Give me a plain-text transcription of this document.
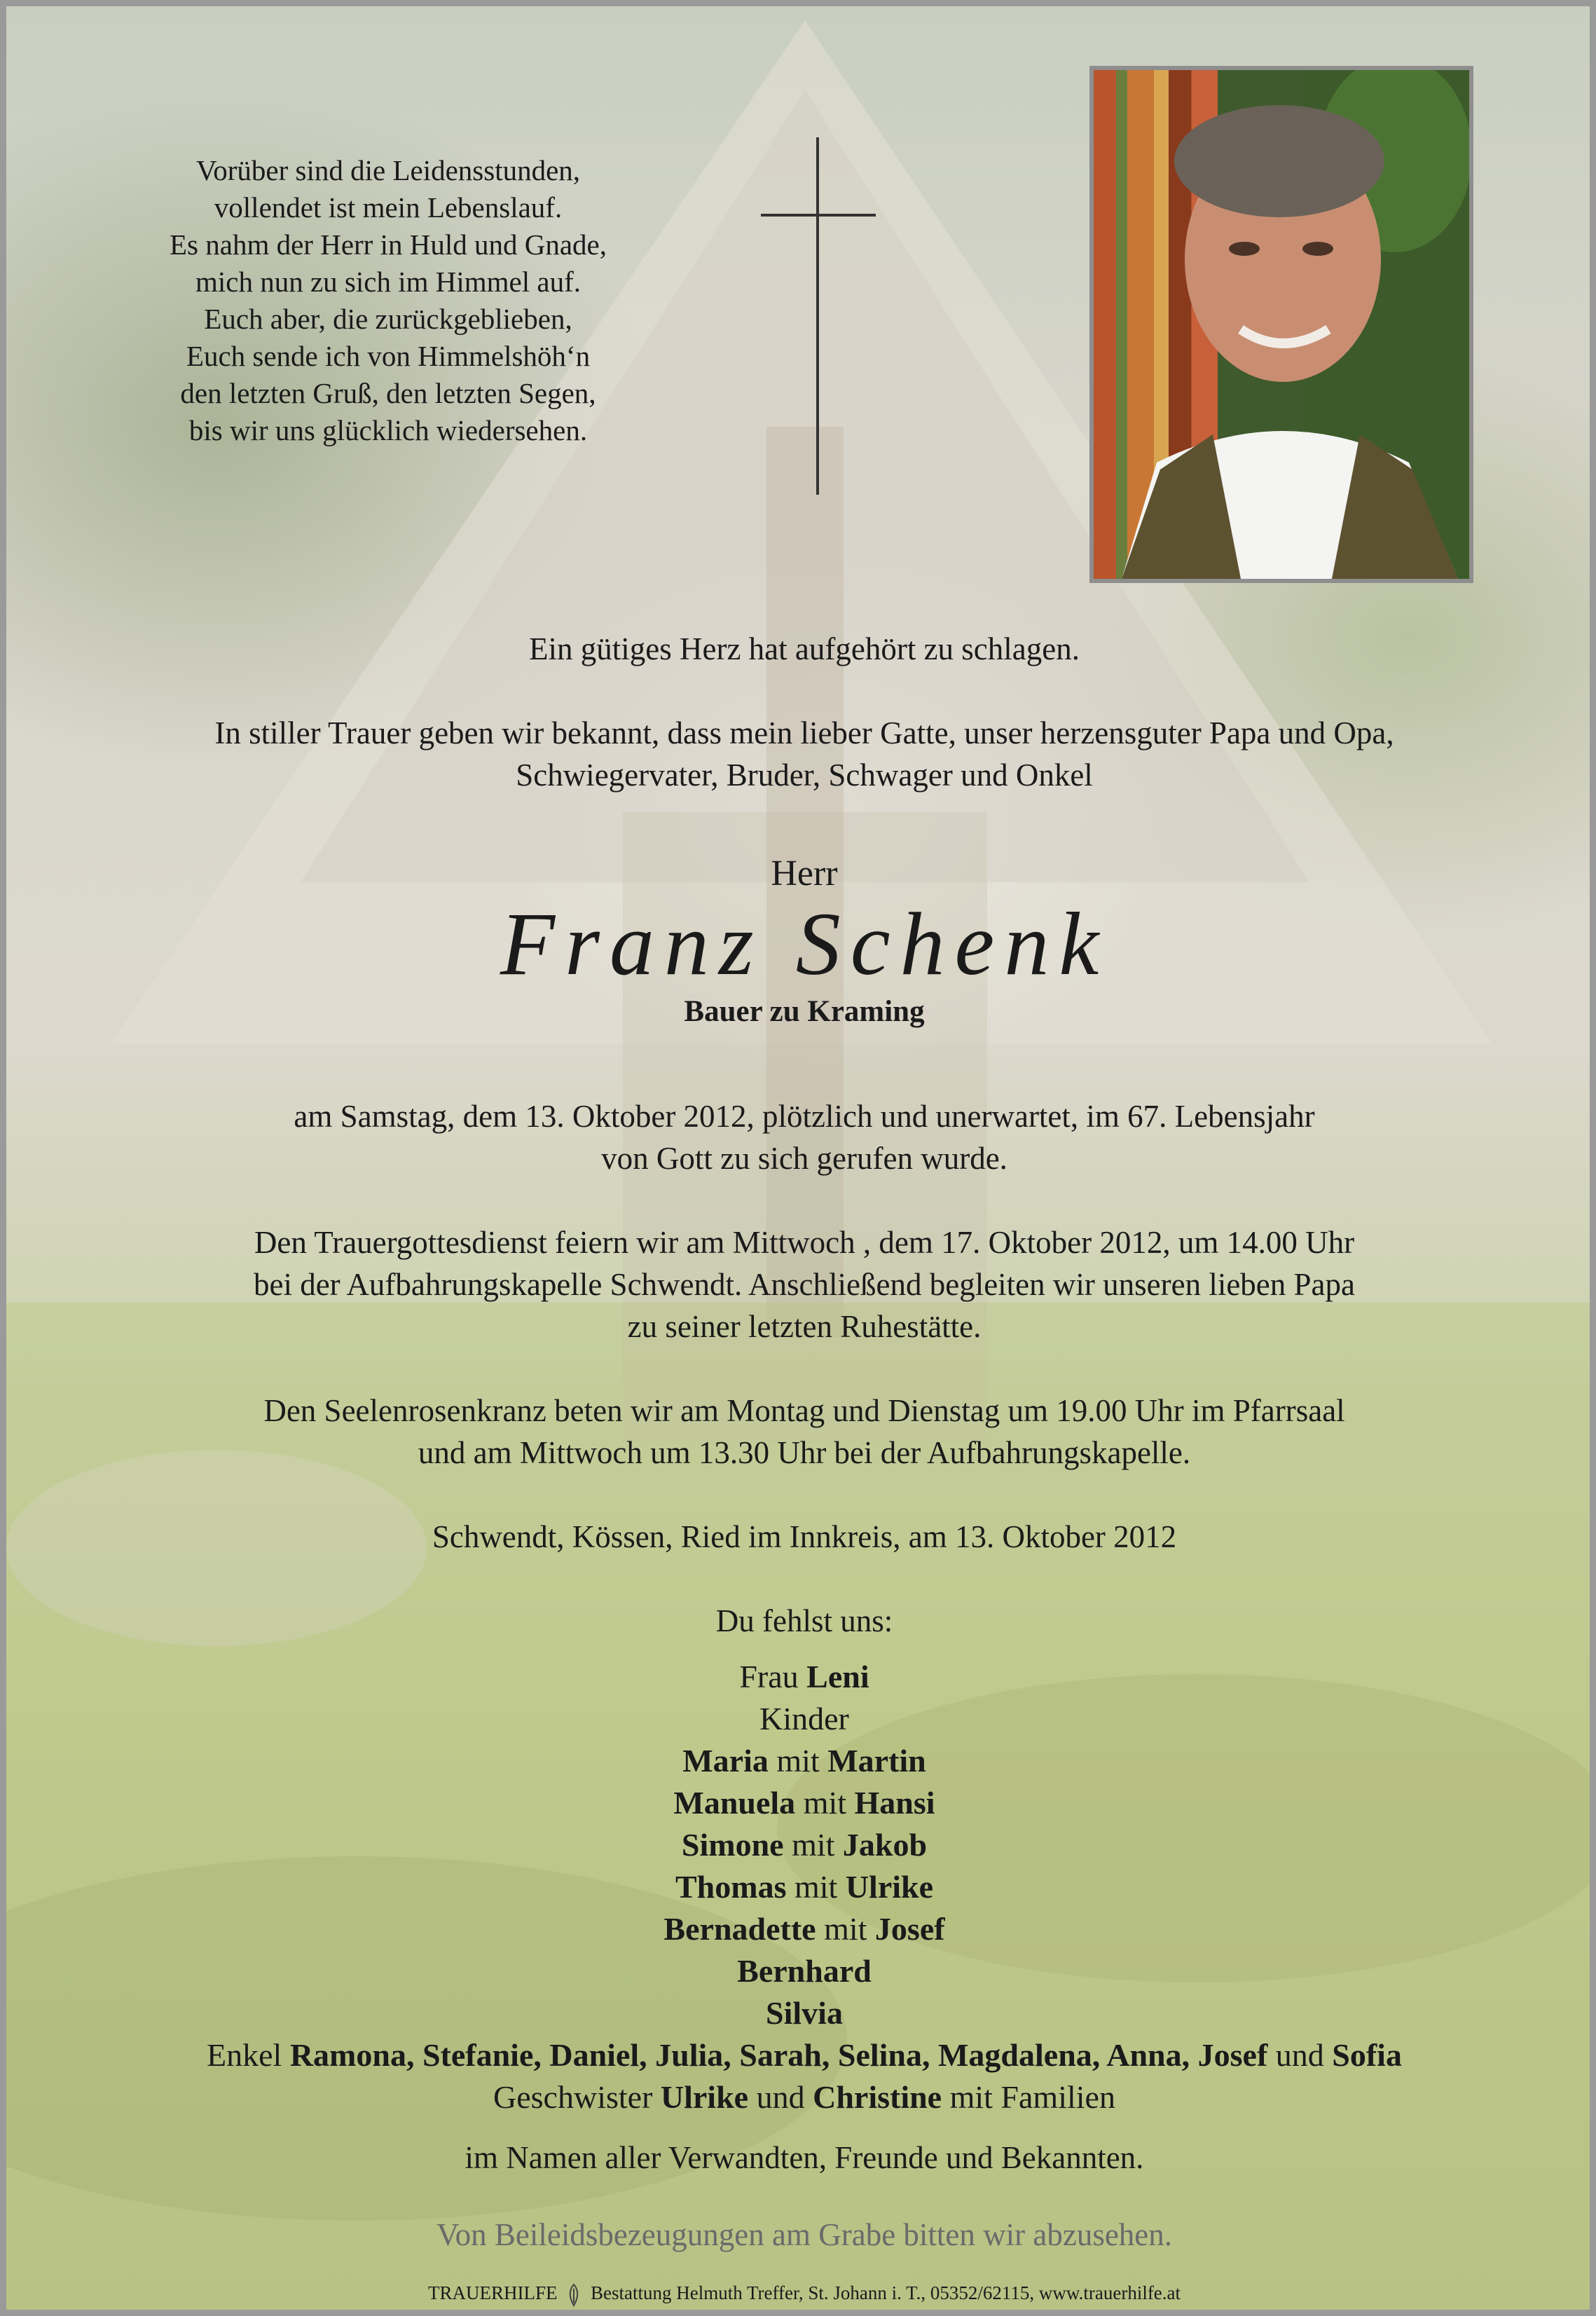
Vorüber sind die Leidensstunden,
vollendet ist mein Lebenslauf.
Es nahm der Herr in Huld und Gnade,
mich nun zu sich im Himmel auf.
Euch aber, die zurückgeblieben,
Euch sende ich von Himmelshöh‘n
den letzten Gruß, den letzten Segen,
bis wir uns glücklich wiedersehen.
Ein gütiges Herz hat aufgehört zu schlagen.
In stiller Trauer geben wir bekannt, dass mein lieber Gatte, unser herzensguter Papa und Opa,
Schwiegervater, Bruder, Schwager und Onkel
Herr
Franz Schenk
Bauer zu Kraming
am Samstag, dem 13. Oktober 2012, plötzlich und unerwartet, im 67. Lebensjahr
von Gott zu sich gerufen wurde.
Den Trauergottesdienst feiern wir am Mittwoch , dem 17. Oktober 2012, um 14.00 Uhr
bei der Aufbahrungskapelle Schwendt. Anschließend begleiten wir unseren lieben Papa
zu seiner letzten Ruhestätte.
Den Seelenrosenkranz beten wir am Montag und Dienstag um 19.00 Uhr im Pfarrsaal
und am Mittwoch um 13.30 Uhr bei der Aufbahrungskapelle.
Schwendt, Kössen, Ried im Innkreis, am 13. Oktober 2012
Du fehlst uns:
Frau Leni
Kinder
Maria mit Martin
Manuela mit Hansi
Simone mit Jakob
Thomas mit Ulrike
Bernadette mit Josef
Bernhard
Silvia
Enkel Ramona, Stefanie, Daniel, Julia, Sarah, Selina, Magdalena, Anna, Josef und Sofia
Geschwister Ulrike und Christine mit Familien
im Namen aller Verwandten, Freunde und Bekannten.
Von Beileidsbezeugungen am Grabe bitten wir abzusehen.
TRAUERHILFE Bestattung Helmuth Treffer, St. Johann i. T., 05352/62115, www.trauerhilfe.at
